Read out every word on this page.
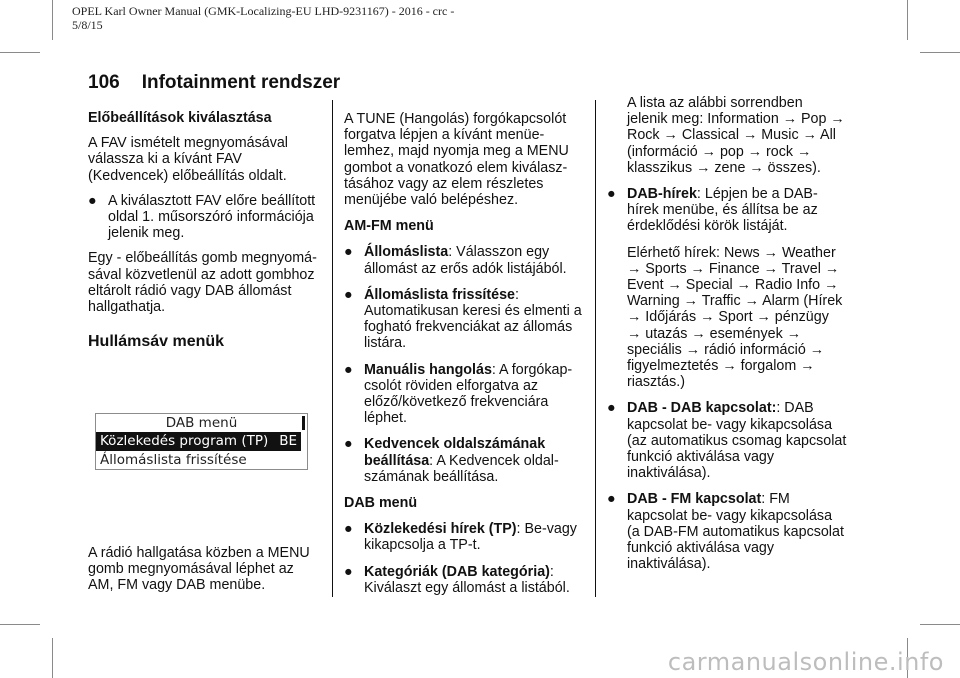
OPEL Karl Owner Manual (GMK-Localizing-EU LHD-9231167) - 2016 - crc -
5/8/15
106 Infotainment rendszer

Előbeállítások kiválasztása

A FAV ismételt megnyomásával válassza ki a kívánt FAV (Kedvencek) előbeállítás oldalt.

● A kiválasztott FAV előre beállított oldal 1. műsorszóró információja jelenik meg.

Egy - előbeállítás gomb megnyomá-sával közvetlenül az adott gombhoz eltárolt rádió vagy DAB állomást hallgathatja.

Hullámsáv menük

DAB menü
Közlekedés program (TP) BE
Állomáslista frissítése
A rádió hallgatása közben a MENU gomb megnyomásával léphet az AM, FM vagy DAB menübe.

A TUNE (Hangolás) forgókapcsolót forgatva lépjen a kívánt menüe-lemhez, majd nyomja meg a MENU gombot a vonatkozó elem kiválasz-tásához vagy az elem részletes menüjébe való belépéshez.

AM-FM menü

● Állomáslista: Válasszon egy állomást az erős adók listájából.

● Állomáslista frissítése: Automatikusan keresi és elmenti a fogható frekvenciákat az állomás listára.

● Manuális hangolás: A forgókap-csolót röviden elforgatva az előző/következő frekvenciára léphet.

● Kedvencek oldalszámának beállítása: A Kedvencek oldal-számának beállítása.

DAB menü

● Közlekedési hírek (TP): Be-vagy kikapcsolja a TP-t.

● Kategóriák (DAB kategória): Kiválaszt egy állomást a listából.

A lista az alábbi sorrendben jelenik meg: Information → Pop → Rock → Classical → Music → All (információ → pop → rock → klasszikus → zene → összes).

● DAB-hírek: Lépjen be a DAB-hírek menübe, és állítsa be az érdeklődési körök listáját.

Elérhető hírek: News → Weather → Sports → Finance → Travel → Event → Special → Radio Info → Warning → Traffic → Alarm (Hírek → Időjárás → Sport → pénzügy → utazás → események → speciális → rádió információ → figyelmeztetés → forgalom → riasztás.)

● DAB - DAB kapcsolat:: DAB kapcsolat be- vagy kikapcsolása (az automatikus csomag kapcsolat funkció aktiválása vagy inaktiválása).

● DAB - FM kapcsolat: FM kapcsolat be- vagy kikapcsolása (a DAB-FM automatikus kapcsolat funkció aktiválása vagy inaktiválása).

carmanualsonline.info
